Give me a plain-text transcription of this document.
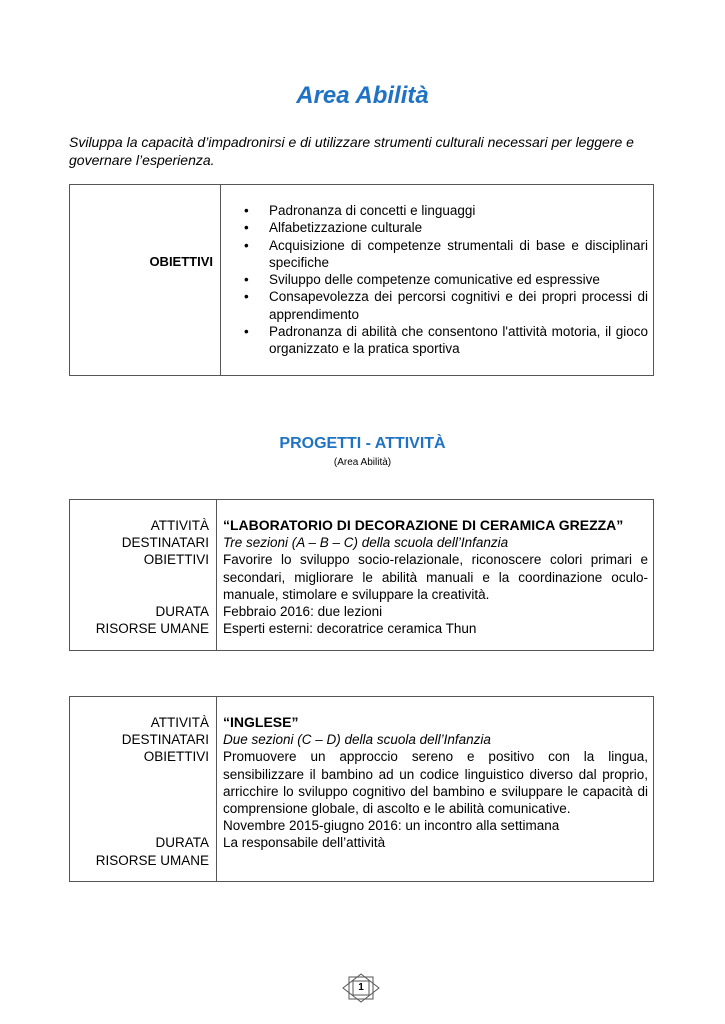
Area Abilità

Sviluppa la capacità d’impadronirsi e di utilizzare strumenti culturali necessari per leggere e governare l’esperienza.

OBIETTIVI
• Padronanza di concetti e linguaggi
• Alfabetizzazione culturale
• Acquisizione di competenze strumentali di base e disciplinari specifiche
• Sviluppo delle competenze comunicative ed espressive
• Consapevolezza dei percorsi cognitivi e dei propri processi di apprendimento
• Padronanza di abilità che consentono l'attività motoria, il gioco organizzato e la pratica sportiva
PROGETTI - ATTIVITÀ

(Area Abilità)

ATTIVITÀ
DESTINATARI
OBIETTIVI
DURATA
RISORSE UMANE
“LABORATORIO DI DECORAZIONE DI CERAMICA GREZZA”
Tre sezioni (A – B – C) della scuola dell’Infanzia
Favorire lo sviluppo socio-relazionale, riconoscere colori primari e secondari, migliorare le abilità manuali e la coordinazione oculo-manuale, stimolare e sviluppare la creatività.
Febbraio 2016: due lezioni
Esperti esterni: decoratrice ceramica Thun
ATTIVITÀ
DESTINATARI
OBIETTIVI
DURATA
RISORSE UMANE
“INGLESE”
Due sezioni (C – D) della scuola dell’Infanzia
Promuovere un approccio sereno e positivo con la lingua, sensibilizzare il bambino ad un codice linguistico diverso dal proprio, arricchire lo sviluppo cognitivo del bambino e sviluppare le capacità di comprensione globale, di ascolto e le abilità comunicative.
Novembre 2015-giugno 2016: un incontro alla settimana
La responsabile dell’attività
1
